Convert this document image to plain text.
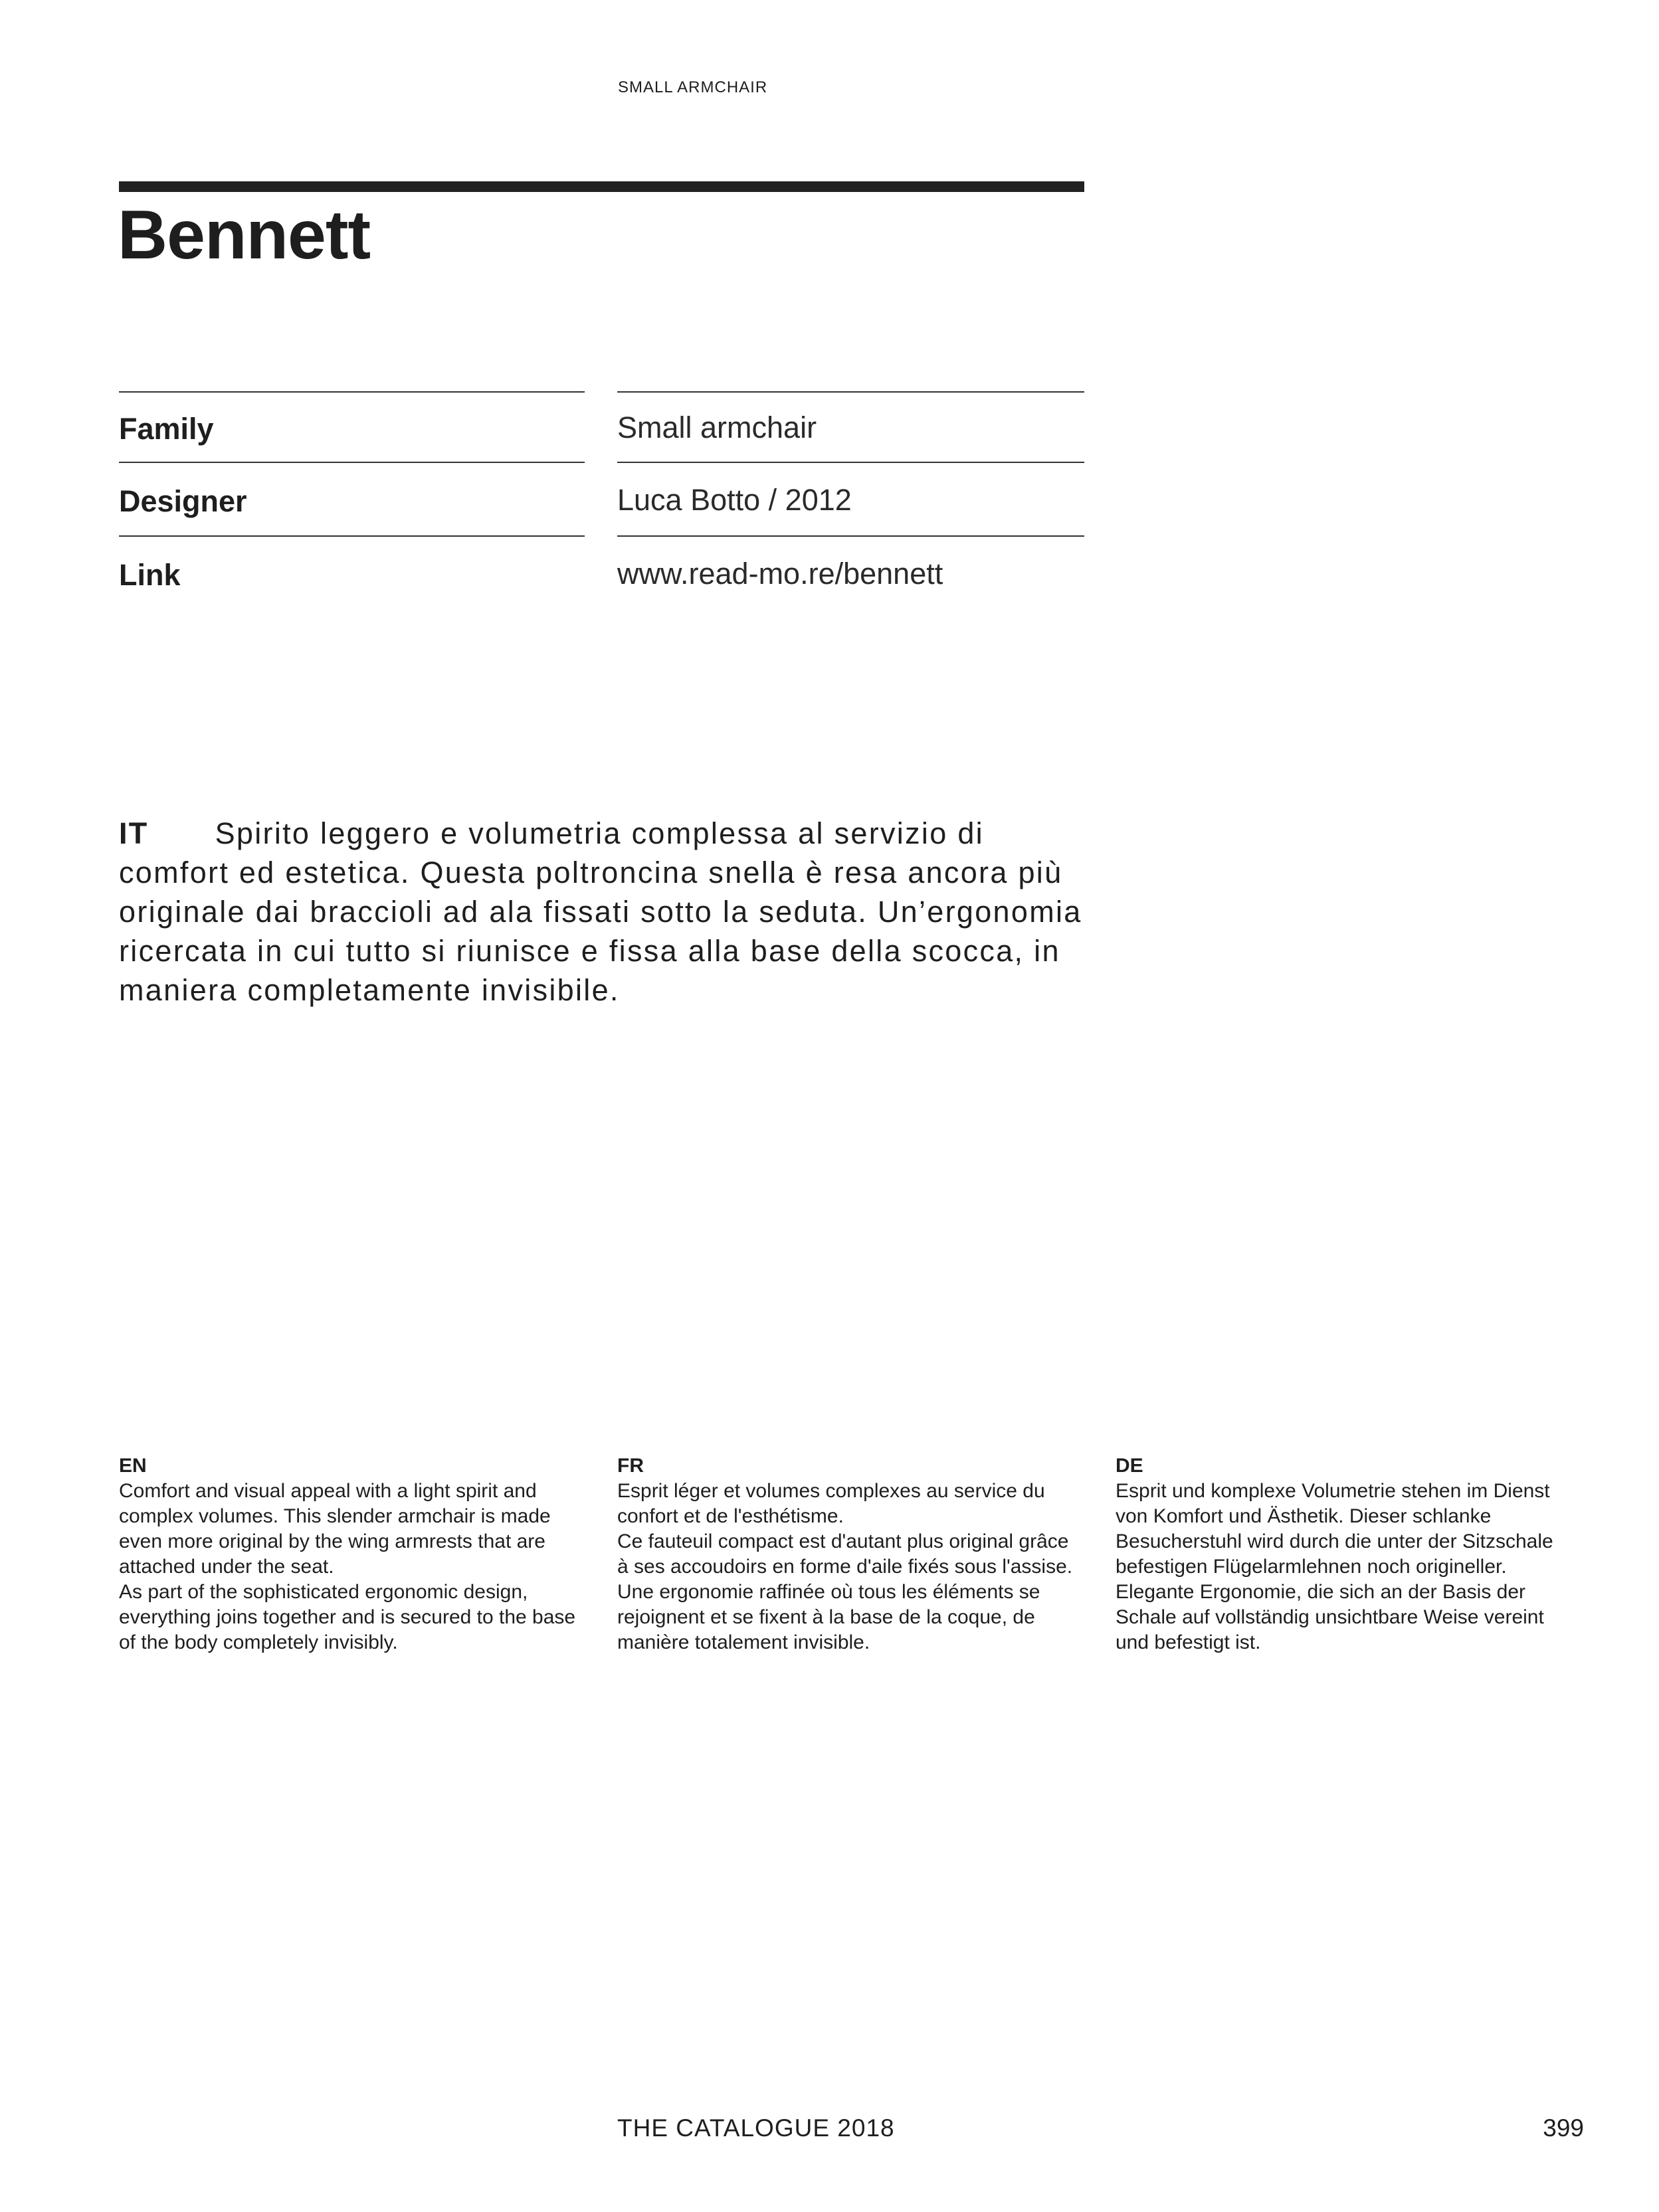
SMALL ARMCHAIR
Bennett
Family	Small armchair
Designer	Luca Botto / 2012
Link	www.read-mo.re/bennett
IT Spirito leggero e volumetria complessa al servizio di comfort ed estetica. Questa poltroncina snella è resa ancora più originale dai braccioli ad ala fissati sotto la seduta. Un’ergonomia ricercata in cui tutto si riunisce e fissa alla base della scocca, in maniera completamente invisibile.
EN

Comfort and visual appeal with a light spirit and complex volumes. This slender armchair is made even more original by the wing armrests that are attached under the seat.

As part of the sophisticated ergonomic design, everything joins together and is secured to the base of the body completely invisibly.

FR

Esprit léger et volumes complexes au service du confort et de l'esthétisme.

Ce fauteuil compact est d'autant plus original grâce à ses accoudoirs en forme d'aile fixés sous l'assise. Une ergonomie raffinée où tous les éléments se rejoignent et se fixent à la base de la coque, de manière totalement invisible.

DE

Esprit und komplexe Volumetrie stehen im Dienst von Komfort und Ästhetik. Dieser schlanke Besucherstuhl wird durch die unter der Sitzschale befestigen Flügelarmlehnen noch origineller.

Elegante Ergonomie, die sich an der Basis der Schale auf vollständig unsichtbare Weise vereint und befestigt ist.

THE CATALOGUE 2018	399
